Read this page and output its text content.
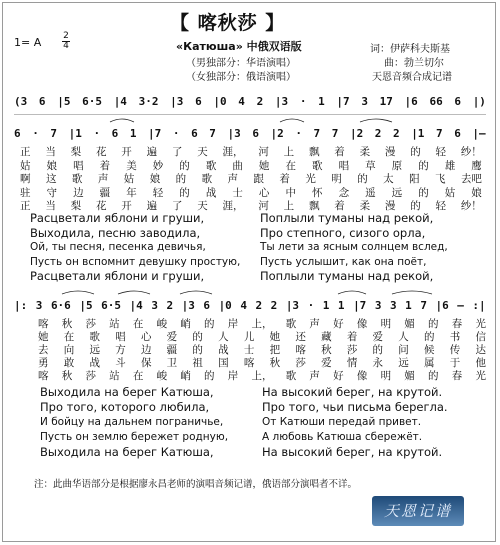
【 喀秋莎 】
«Катюша» 中俄双语版
1= A 2
4
（男独部分：华语演唱）
（女独部分：俄语演唱）
词：伊萨科夫斯基
曲：勃兰切尔
天恩音频合成记谱
(3 6 |5 6·5 |4 3·2 |3 6 |0 4 2 |3 · 1 |7 3 17 |6 66 6 |)
6 · 7 |1 · 6 1 |7 · 6 7 |3 6 |2 · 7 7 |2 2 2 |1 7 6 |—
正 当 梨 花 开 遍 了 天 涯， 河 上 飘 着 柔 漫 的 轻 纱！
姑 娘 唱 着 美 妙 的 歌 曲 她 在 歌 唱 草 原 的 雄 鹰
啊 这 歌 声 姑 娘 的 歌 声 跟 着 光 明 的 太 阳 飞 去吧
驻 守 边 疆 年 轻 的 战 士 心 中 怀 念 遥 远 的 姑 娘
正 当 梨 花 开 遍 了 天 涯， 河 上 飘 着 柔 漫 的 轻 纱！
Расцветали яблони и груши,
Выходила, песню заводила,
Ой, ты песня, песенка девичья,
Пусть он вспомнит девушку простую,
Расцветали яблони и груши,
Поплыли туманы над рекой,
Про степного, сизого орла,
Ты лети за ясным солнцем вслед,
Пусть услышит, как она поёт,
Поплыли туманы над рекой,
|: 3 6·6 |5 6·5 |4 3 2 |3 6 |0 4 2 2 |3 · 1 1 |7 3 3 1 7 |6 — :|
喀 秋 莎 站 在 峻 峭 的 岸 上， 歌 声 好 像 明 媚 的 春 光
她 在 歌 唱 心 爱 的 人 儿 她 还 藏 着 爱 人 的 书 信
去 向 远 方 边 疆 的 战 士 把 喀 秋 莎 的 问 候 传 达
勇 敢 战 斗 保 卫 祖 国 喀 秋 莎 爱 情 永 远 属 于 他
喀 秋 莎 站 在 峻 峭 的 岸 上， 歌 声 好 像 明 媚 的 春 光
Выходила на берег Катюша,
Про того, которого любила,
И бойцу на дальнем пограничье,
Пусть он землю бережет родную,
Выходила на берег Катюша,
На высокий берег, на крутой.
Про того, чьи письма берегла.
От Катюши передай привет.
А любовь Катюша сбережёт.
На высокий берег, на крутой.
注：此曲华语部分是根据廖永昌老师的演唱音频记谱，俄语部分演唱者不详。
天恩记谱
